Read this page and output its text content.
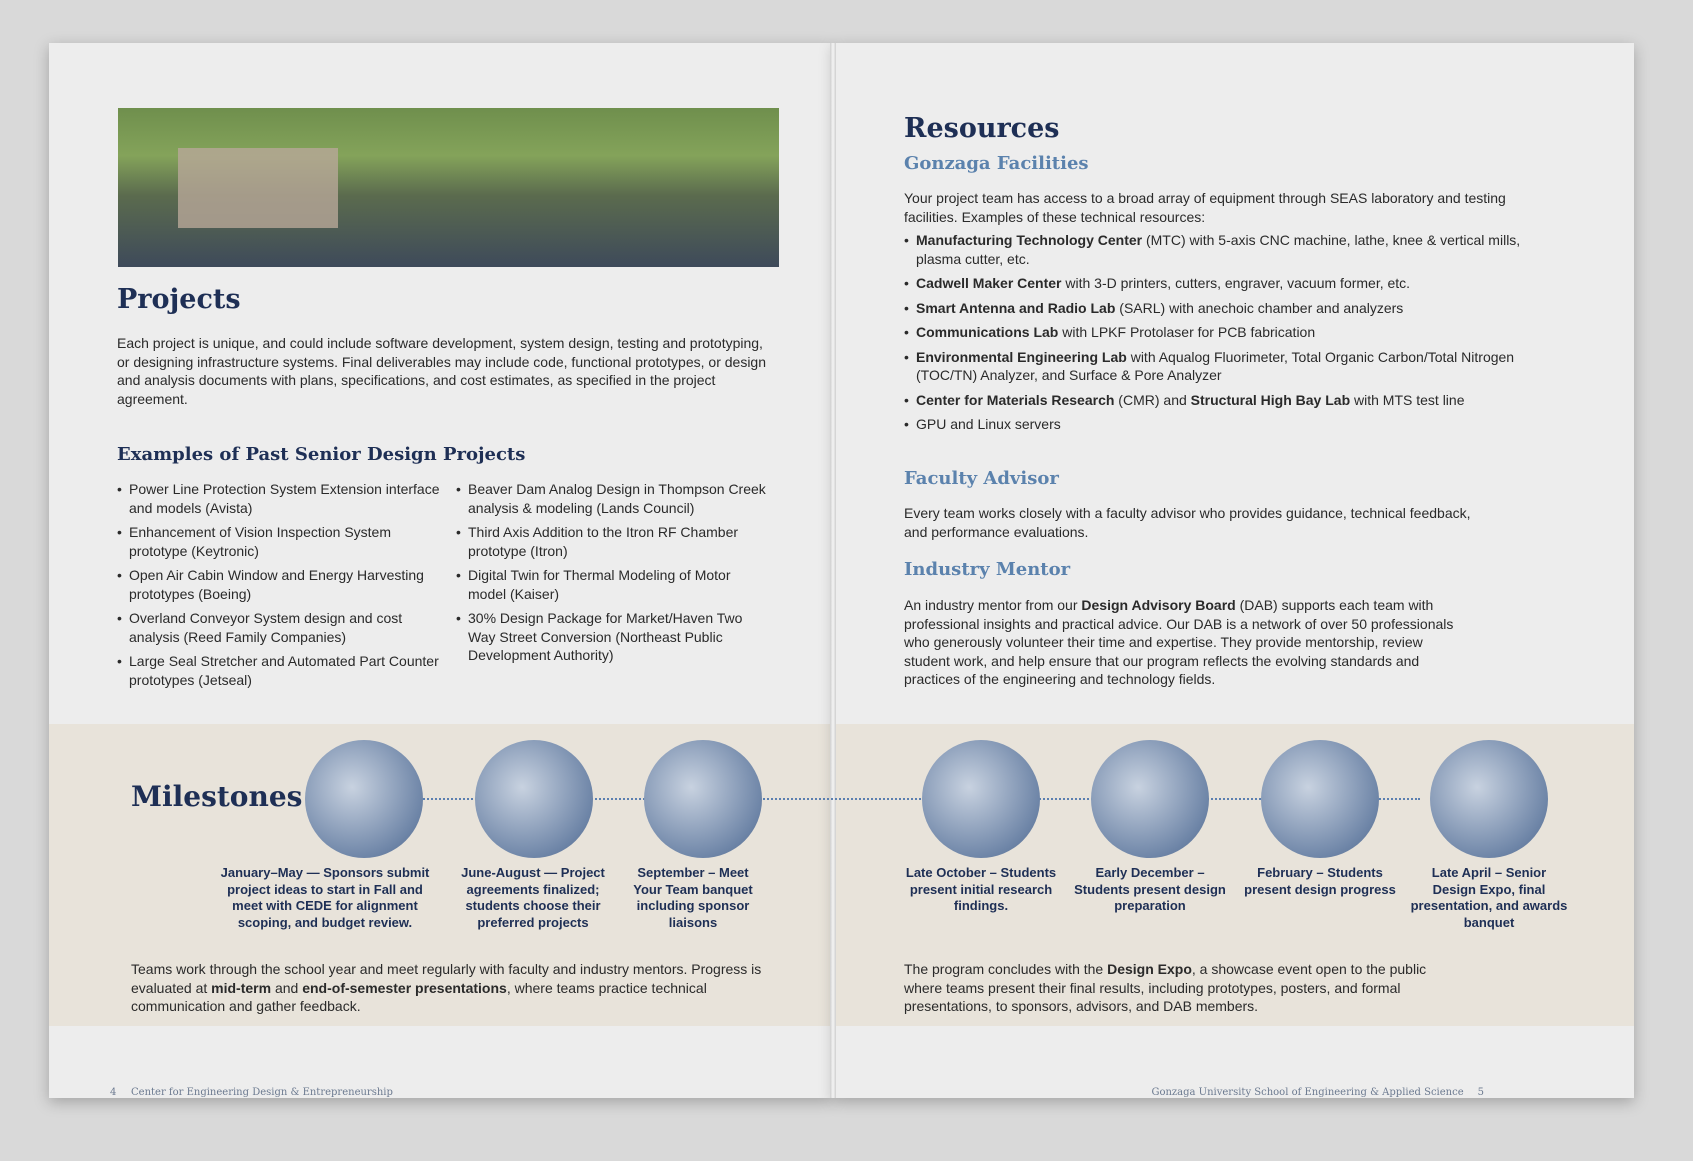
Projects

Each project is unique, and could include software development, system design, testing and prototyping, or designing infrastructure systems. Final deliverables may include code, functional prototypes, or design and analysis documents with plans, specifications, and cost estimates, as specified in the project agreement.

Examples of Past Senior Design Projects
• Power Line Protection System Extension interface and models (Avista)
• Enhancement of Vision Inspection System prototype (Keytronic)
• Open Air Cabin Window and Energy Harvesting prototypes (Boeing)
• Overland Conveyor System design and cost analysis (Reed Family Companies)
• Large Seal Stretcher and Automated Part Counter prototypes (Jetseal)
• Beaver Dam Analog Design in Thompson Creek analysis & modeling (Lands Council)
• Third Axis Addition to the Itron RF Chamber prototype (Itron)
• Digital Twin for Thermal Modeling of Motor model (Kaiser)
• 30% Design Package for Market/Haven Two Way Street Conversion (Northeast Public Development Authority)
Milestones

Teams work through the school year and meet regularly with faculty and industry mentors. Progress is evaluated at mid-term and end-of-semester presentations, where teams practice technical communication and gather feedback.

4 Center for Engineering Design & Entrepreneurship
Resources
Gonzaga Facilities

Your project team has access to a broad array of equipment through SEAS laboratory and testing facilities. Examples of these technical resources:

• Manufacturing Technology Center (MTC) with 5-axis CNC machine, lathe, knee & vertical mills, plasma cutter, etc.
• Cadwell Maker Center with 3-D printers, cutters, engraver, vacuum former, etc.
• Smart Antenna and Radio Lab (SARL) with anechoic chamber and analyzers
• Communications Lab with LPKF Protolaser for PCB fabrication
• Environmental Engineering Lab with Aqualog Fluorimeter, Total Organic Carbon/Total Nitrogen (TOC/TN) Analyzer, and Surface & Pore Analyzer
• Center for Materials Research (CMR) and Structural High Bay Lab with MTS test line
• GPU and Linux servers
Faculty Advisor

Every team works closely with a faculty advisor who provides guidance, technical feedback, and performance evaluations.

Industry Mentor

An industry mentor from our Design Advisory Board (DAB) supports each team with professional insights and practical advice. Our DAB is a network of over 50 professionals who generously volunteer their time and expertise. They provide mentorship, review student work, and help ensure that our program reflects the evolving standards and practices of the engineering and technology fields.

The program concludes with the Design Expo, a showcase event open to the public where teams present their final results, including prototypes, posters, and formal presentations, to sponsors, advisors, and DAB members.

Gonzaga University School of Engineering & Applied Science 5
January–May — Sponsors submit project ideas to start in Fall and meet with CEDE for alignment scoping, and budget review.
June-August — Project agreements finalized; students choose their preferred projects
September – Meet Your Team banquet including sponsor liaisons
Late October – Students present initial research findings.
Early December – Students present design preparation
February – Students present design progress
Late April – Senior Design Expo, final presentation, and awards banquet
